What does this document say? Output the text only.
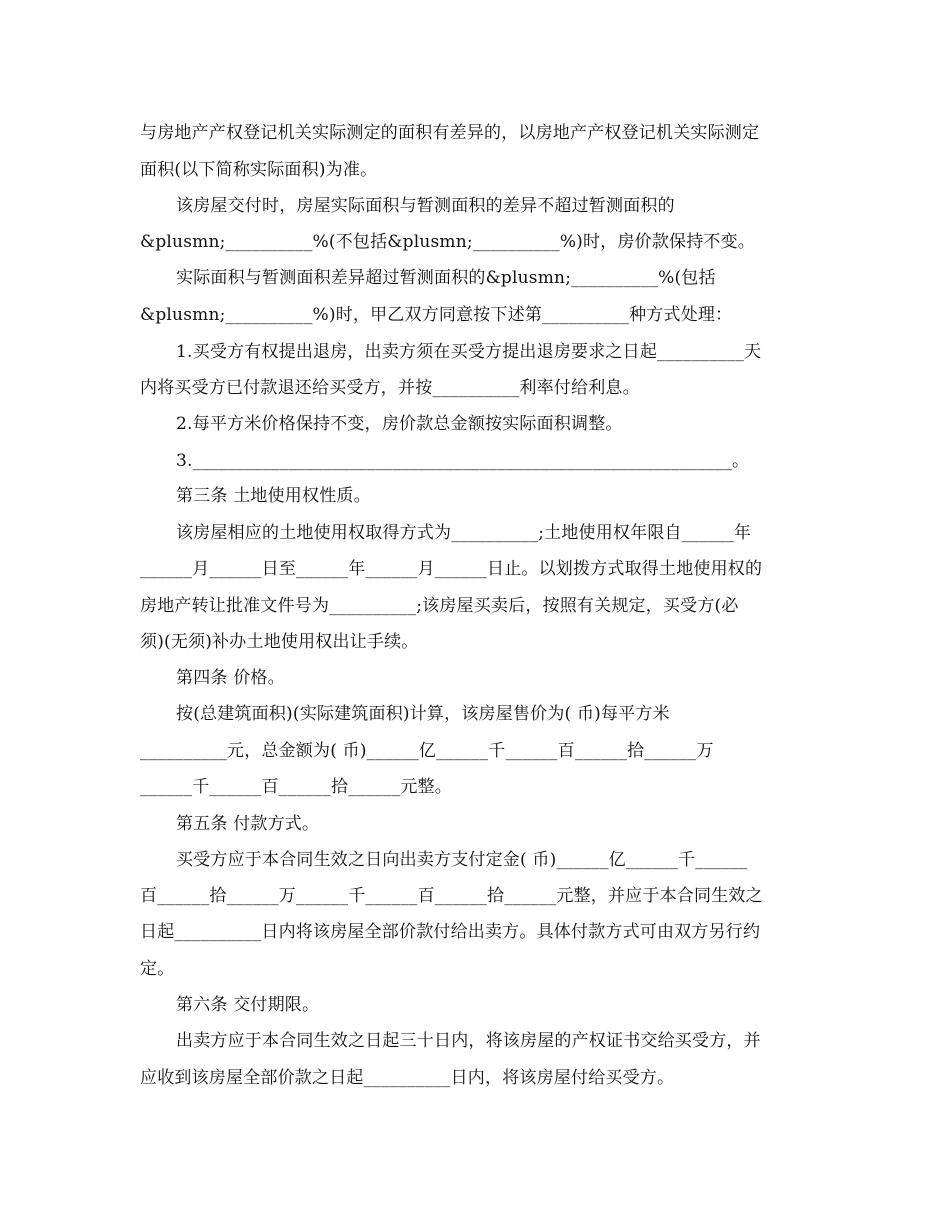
与房地产产权登记机关实际测定的面积有差异的，以房地产产权登记机关实际测定
面积(以下简称实际面积)为准。
该房屋交付时，房屋实际面积与暂测面积的差异不超过暂测面积的
&plusmn;__________%(不包括&plusmn;__________%)时，房价款保持不变。
实际面积与暂测面积差异超过暂测面积的&plusmn;__________%(包括
&plusmn;__________%)时，甲乙双方同意按下述第__________种方式处理：
1.买受方有权提出退房，出卖方须在买受方提出退房要求之日起__________天
内将买受方已付款退还给买受方，并按__________利率付给利息。
2.每平方米价格保持不变，房价款总金额按实际面积调整。
3.______________________________________________________________。
第三条 土地使用权性质。
该房屋相应的土地使用权取得方式为__________;土地使用权年限自______年
______月______日至______年______月______日止。以划拨方式取得土地使用权的
房地产转让批准文件号为__________;该房屋买卖后，按照有关规定，买受方(必
须)(无须)补办土地使用权出让手续。
第四条 价格。
按(总建筑面积)(实际建筑面积)计算，该房屋售价为( 币)每平方米
__________元，总金额为( 币)______亿______千______百______拾______万
______千______百______拾______元整。
第五条 付款方式。
买受方应于本合同生效之日向出卖方支付定金( 币)______亿______千______
百______拾______万______千______百______拾______元整，并应于本合同生效之
日起__________日内将该房屋全部价款付给出卖方。具体付款方式可由双方另行约
定。
第六条 交付期限。
出卖方应于本合同生效之日起三十日内，将该房屋的产权证书交给买受方，并
应收到该房屋全部价款之日起__________日内，将该房屋付给买受方。
